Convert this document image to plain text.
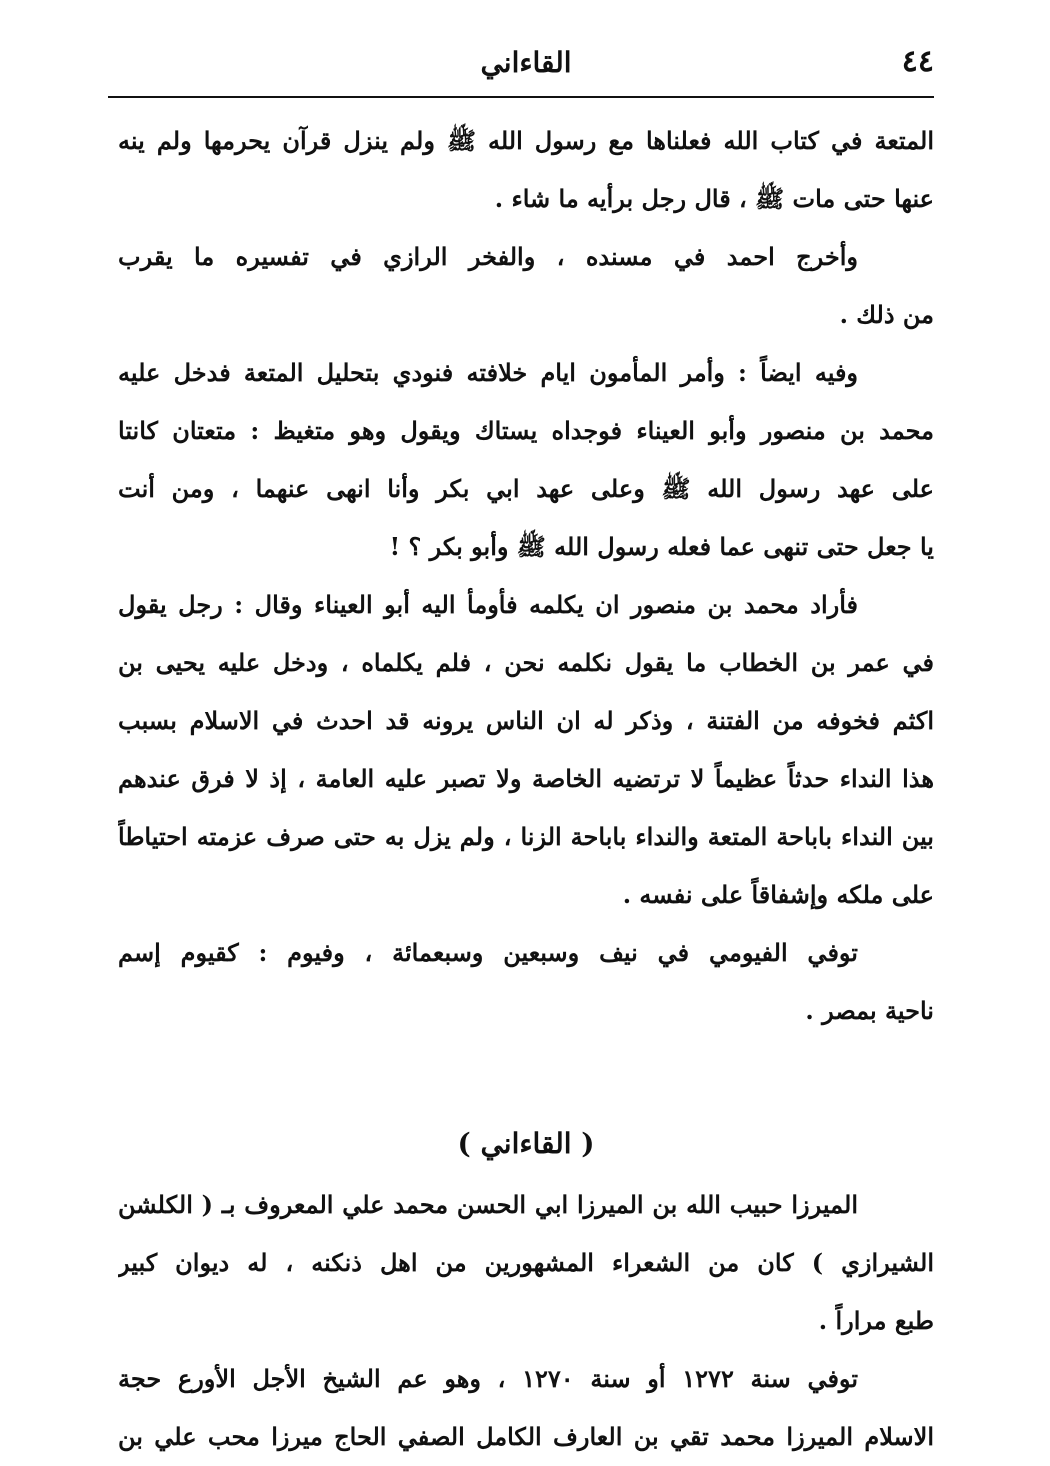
٤٤
القاءاني
المتعة في كتاب الله فعلناها مع رسول الله ﷺ ولم ينزل قرآن يحرمها ولم ينه
عنها حتى مات ﷺ ، قال رجل برأيه ما شاء .
وأخرج احمد في مسنده ، والفخر الرازي في تفسيره ما يقرب
من ذلك .
وفيه ايضاً : وأمر المأمون ايام خلافته فنودي بتحليل المتعة فدخل عليه
محمد بن منصور وأبو العيناء فوجداه يستاك ويقول وهو متغيظ : متعتان كانتا
على عهد رسول الله ﷺ وعلى عهد ابي بكر وأنا انهى عنهما ، ومن أنت
يا جعل حتى تنهى عما فعله رسول الله ﷺ وأبو بكر ؟ !
فأراد محمد بن منصور ان يكلمه فأومأ اليه أبو العيناء وقال : رجل يقول
في عمر بن الخطاب ما يقول نكلمه نحن ، فلم يكلماه ، ودخل عليه يحيى بن
اكثم فخوفه من الفتنة ، وذكر له ان الناس يرونه قد احدث في الاسلام بسبب
هذا النداء حدثاً عظيماً لا ترتضيه الخاصة ولا تصبر عليه العامة ، إذ لا فرق عندهم
بين النداء باباحة المتعة والنداء باباحة الزنا ، ولم يزل به حتى صرف عزمته احتياطاً
على ملكه وإشفاقاً على نفسه .
توفي الفيومي في نيف وسبعين وسبعمائة ، وفيوم : كقيوم إسم
ناحية بمصر .
( القاءاني )
الميرزا حبيب الله بن الميرزا ابي الحسن محمد علي المعروف بـ ( الكلشن
الشيرازي ) كان من الشعراء المشهورين من اهل ذنكنه ، له ديوان كبير
طبع مراراً .
توفي سنة ١٢٧٢ أو سنة ١٢٧٠ ، وهو عم الشيخ الأجل الأورع حجة
الاسلام الميرزا محمد تقي بن العارف الكامل الصفي الحاج ميرزا محب علي بن
